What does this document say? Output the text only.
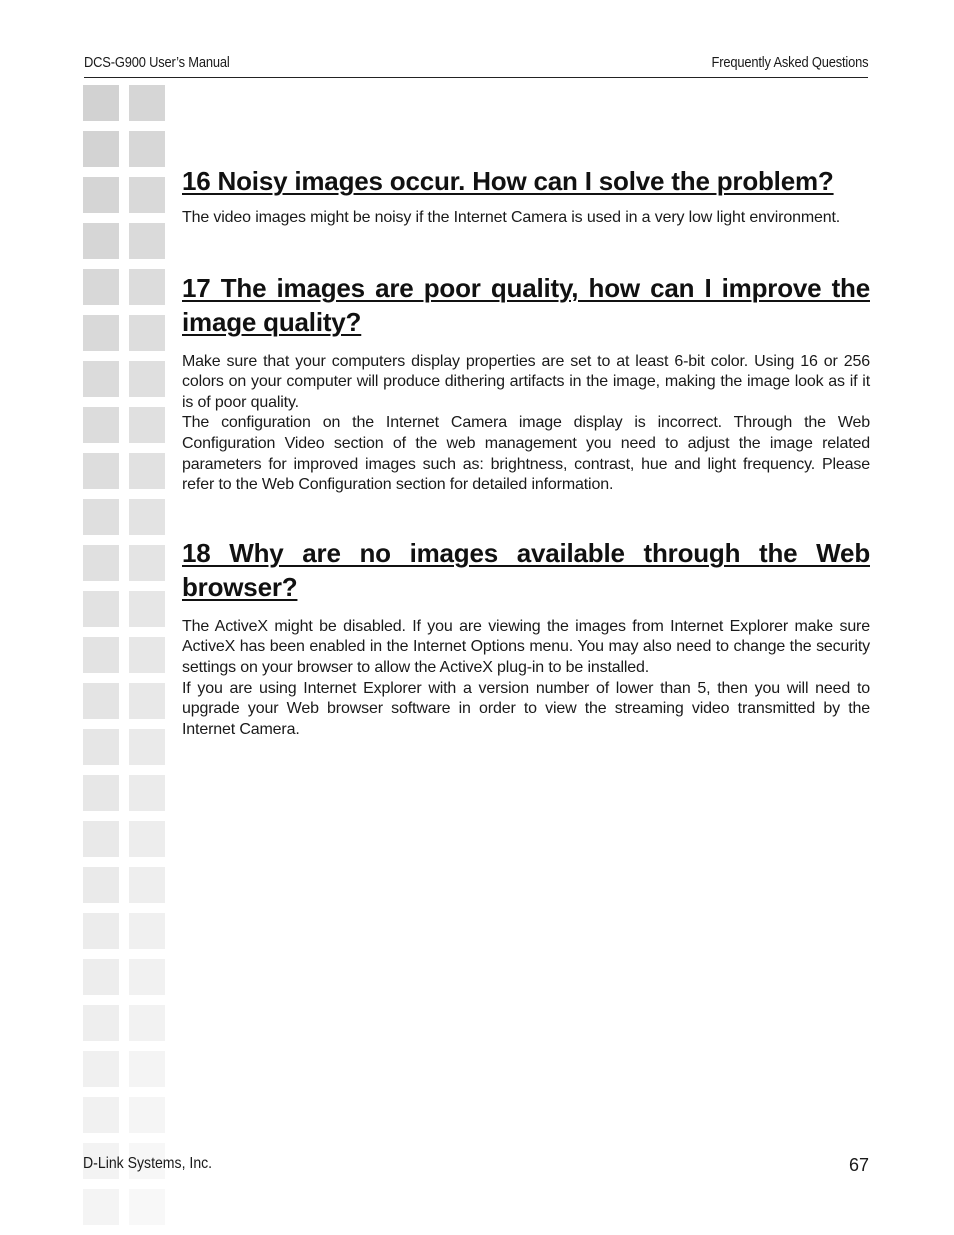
DCS-G900 User’s Manual	Frequently Asked Questions
16 Noisy images occur. How can I solve the problem?

The video images might be noisy if the Internet Camera is used in a very low light environment.

17 The images are poor quality, how can I improve the image quality?

Make sure that your computers display properties are set to at least 6-bit color. Using 16 or 256 colors on your computer will produce dithering artifacts in the image, making the image look as if it is of poor quality.

The configuration on the Internet Camera image display is incorrect. Through the Web Configuration Video section of the web management you need to adjust the image related parameters for improved images such as: brightness, contrast, hue and light frequency. Please refer to the Web Configuration section for detailed information.

18 Why are no images available through the Web browser?

The ActiveX might be disabled. If you are viewing the images from Internet Explorer make sure ActiveX has been enabled in the Internet Options menu. You may also need to change the security settings on your browser to allow the ActiveX plug-in to be installed.

If you are using Internet Explorer with a version number of lower than 5, then you will need to upgrade your Web browser software in order to view the streaming video transmitted by the Internet Camera.

D-Link Systems, Inc.	67
